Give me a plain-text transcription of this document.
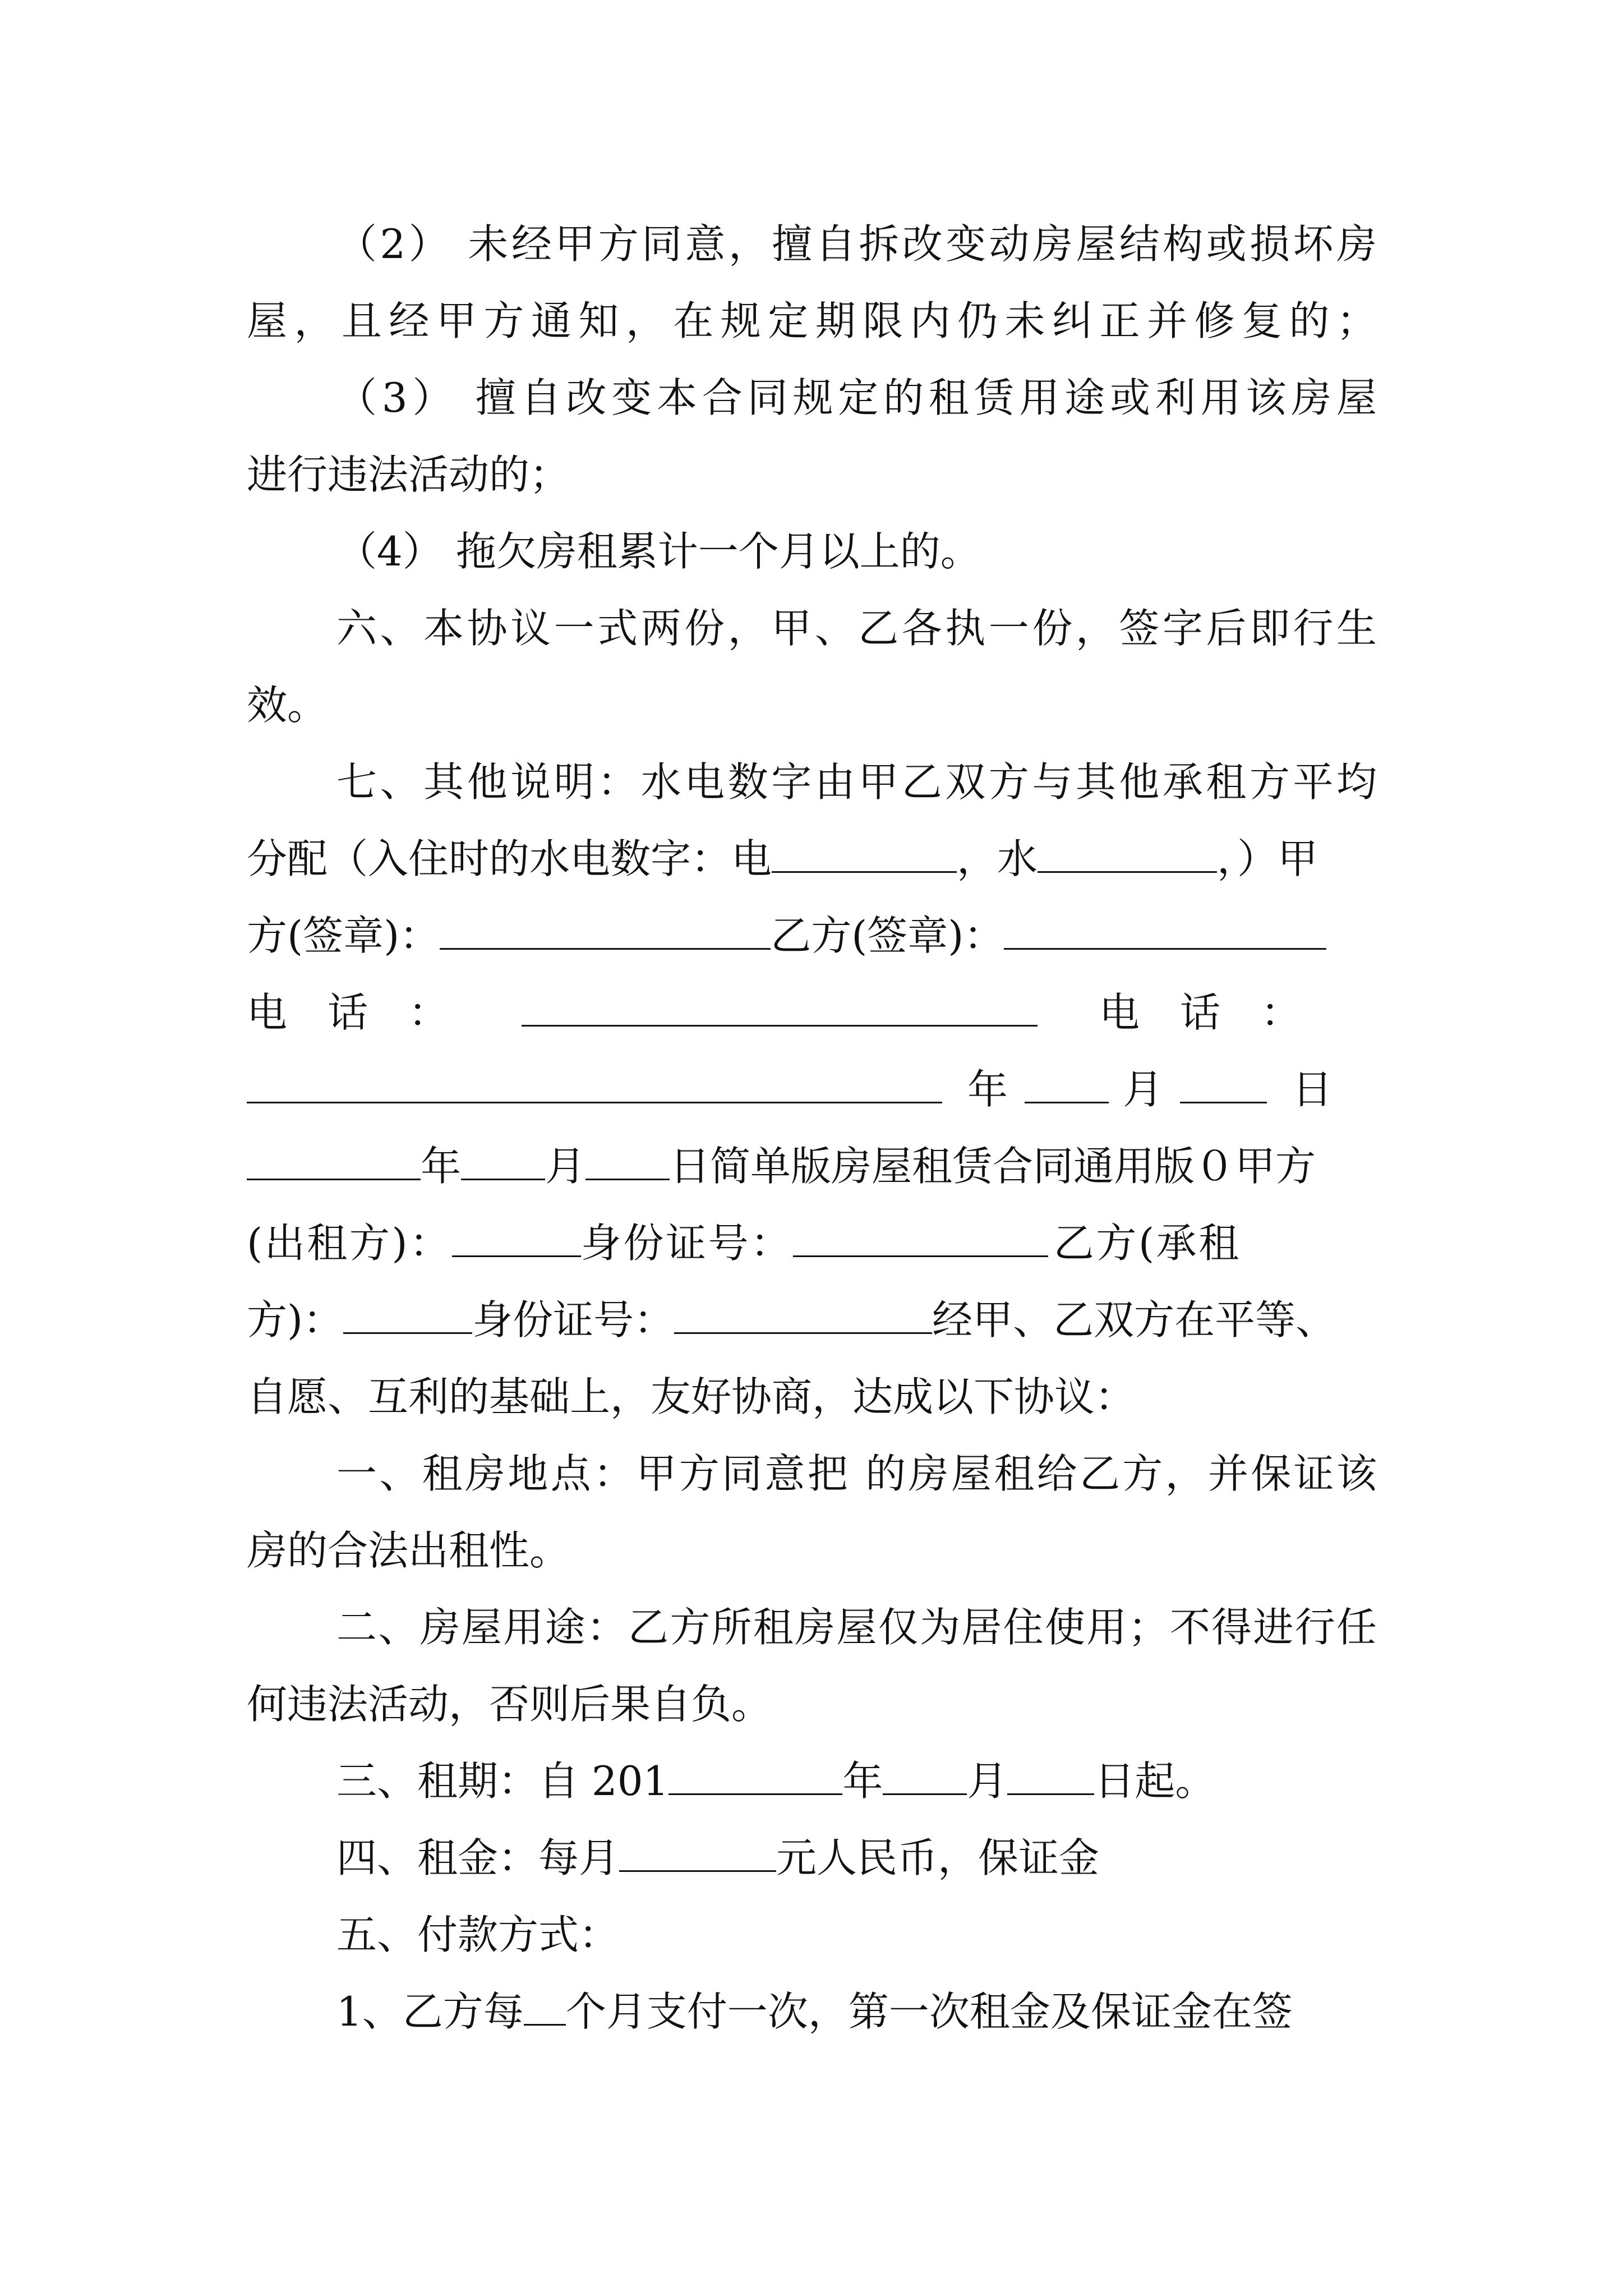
（2） 未经甲方同意，擅自拆改变动房屋结构或损坏房
屋，且经甲方通知，在规定期限内仍未纠正并修复的；
（3） 擅自改变本合同规定的租赁用途或利用该房屋
进行违法活动的；
（4） 拖欠房租累计一个月以上的。
六、本协议一式两份，甲、乙各执一份，签字后即行生
效。
七、其他说明：水电数字由甲乙双方与其他承租方平均
分配（入住时的水电数字：电	，水	，）甲
方(签章)：	乙方(签章)：
电　话　：	电　话　：
年	月	日
年 月 日简单版房屋租赁合同通用版０甲方
(出租方)：	身份证号：	乙方(承租
方)：	身份证号：	经甲、乙双方在平等、
自愿、互利的基础上，友好协商，达成以下协议：
一、租房地点：甲方同意把 的房屋租给乙方，并保证该
房的合法出租性。
二、房屋用途：乙方所租房屋仅为居住使用；不得进行任
何违法活动，否则后果自负。
三、租期：自 201	年 月 日起。
四、租金：每月	元人民币，保证金
五、付款方式：
1、乙方每 个月支付一次，第一次租金及保证金在签
